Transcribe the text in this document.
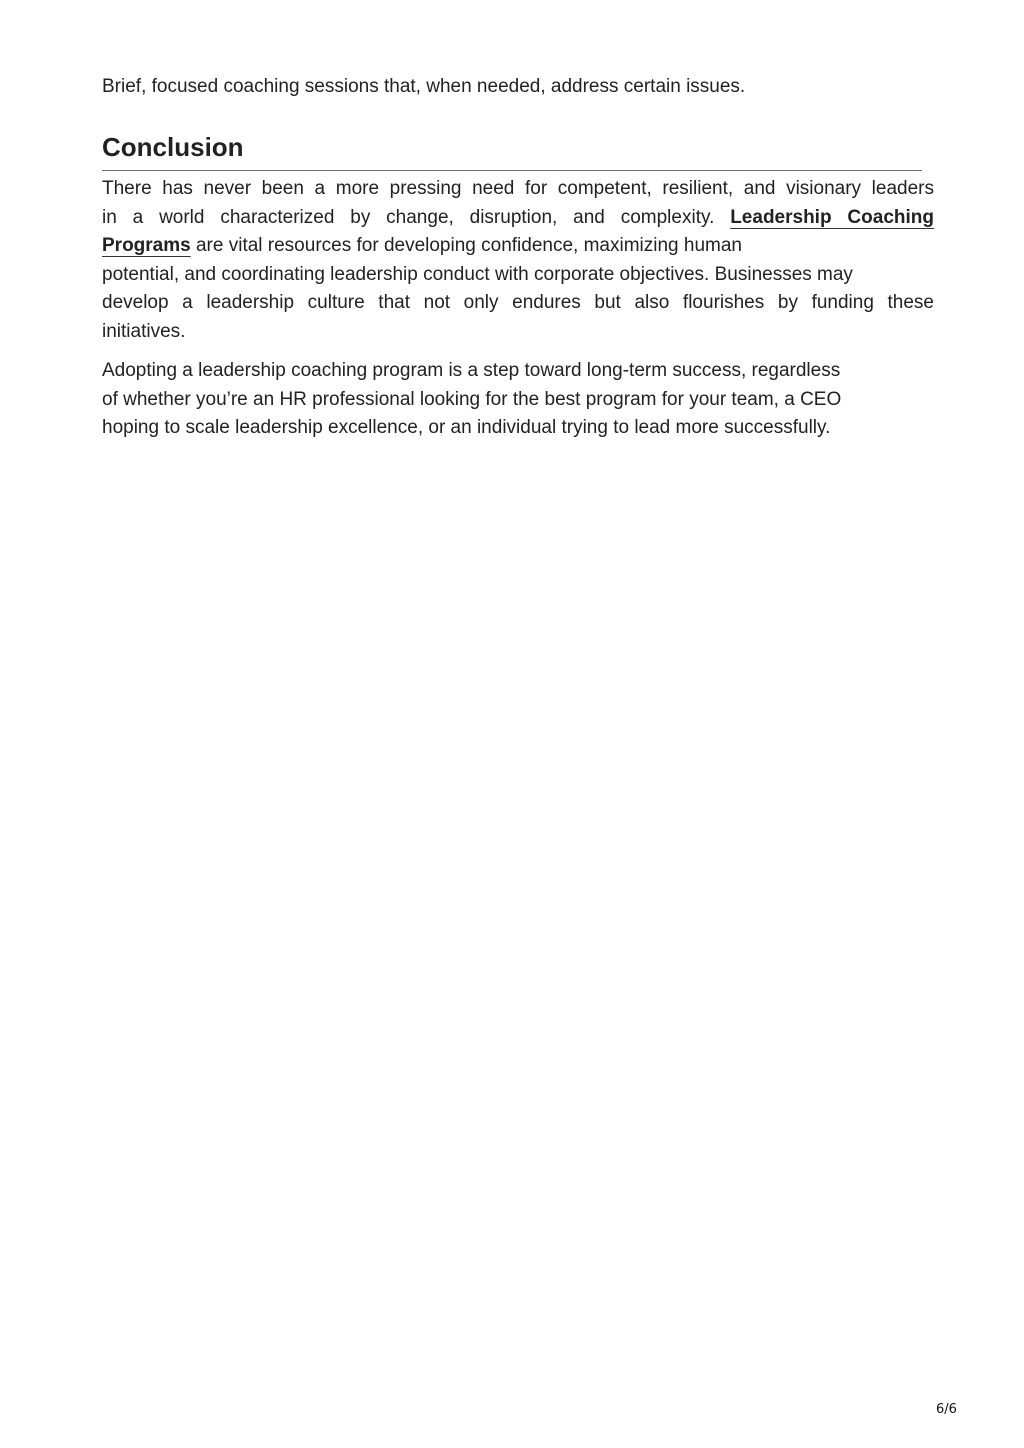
Brief, focused coaching sessions that, when needed, address certain issues.

Conclusion

There has never been a more pressing need for competent, resilient, and visionary leaders
in a world characterized by change, disruption, and complexity. Leadership Coaching
Programs are vital resources for developing confidence, maximizing human
potential, and coordinating leadership conduct with corporate objectives. Businesses may
develop a leadership culture that not only endures but also flourishes by funding these
initiatives.

Adopting a leadership coaching program is a step toward long-term success, regardless
of whether you’re an HR professional looking for the best program for your team, a CEO
hoping to scale leadership excellence, or an individual trying to lead more successfully.

6/6
